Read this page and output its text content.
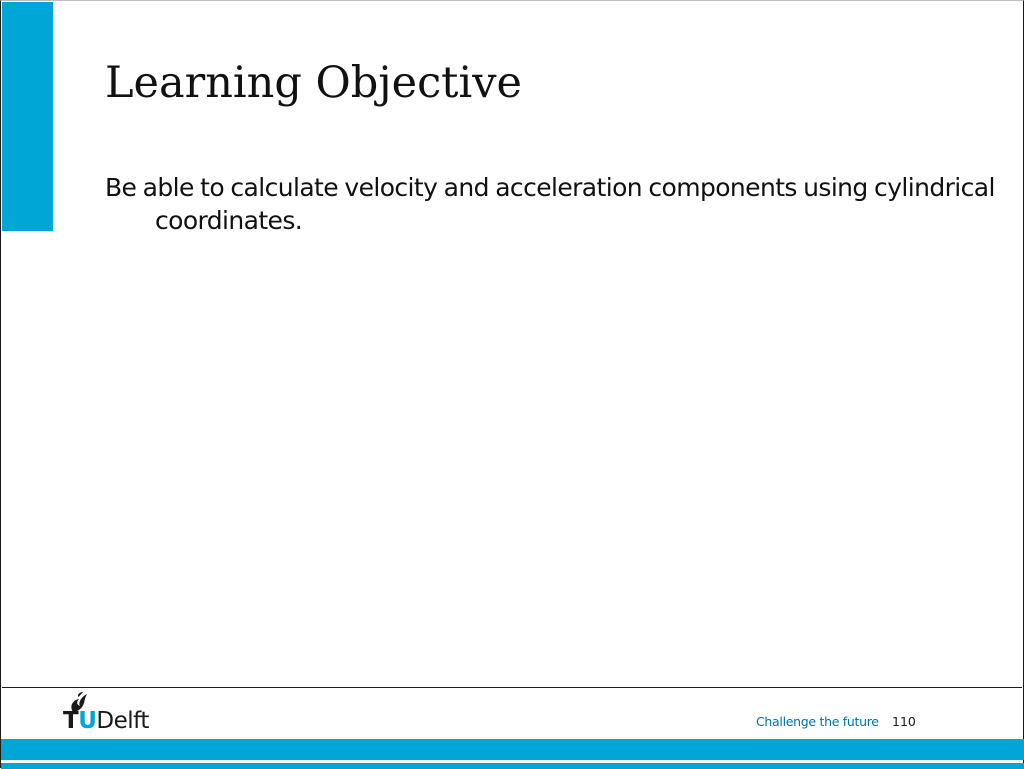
Learning Objective

Be able to calculate velocity and acceleration components using cylindrical coordinates.

TUDelft	Challenge the future 110
